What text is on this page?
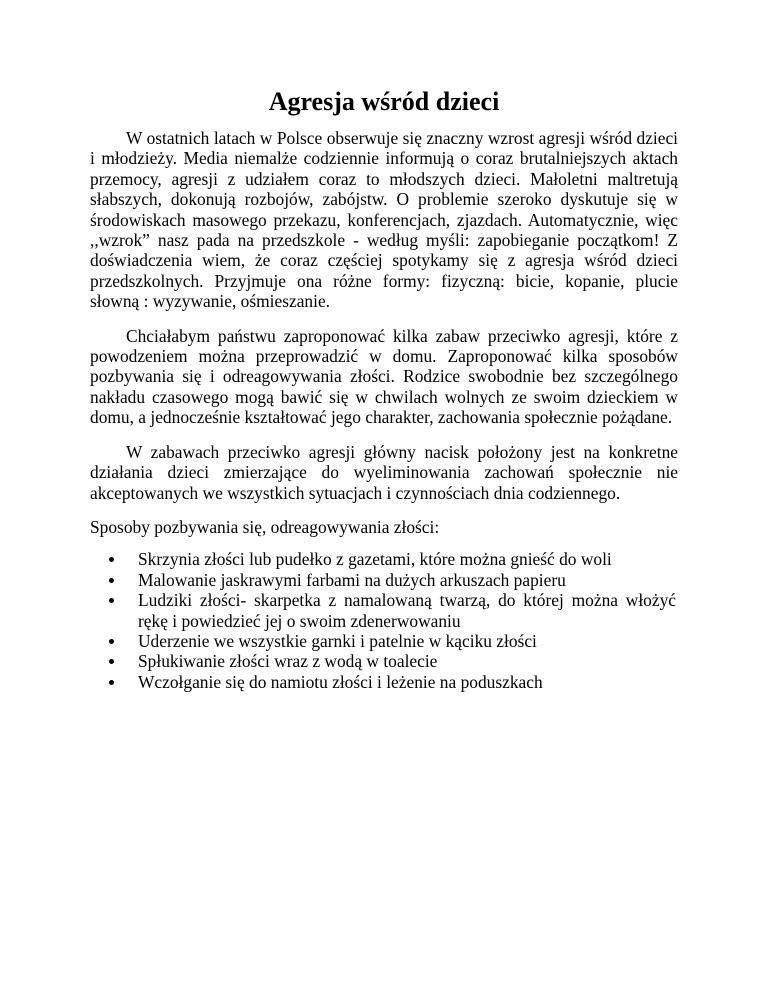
Agresja wśród dzieci

W ostatnich latach w Polsce obserwuje się znaczny wzrost agresji wśród dzieci i młodzieży. Media niemalże codziennie informują o coraz brutalniejszych aktach przemocy, agresji z udziałem coraz to młodszych dzieci. Małoletni maltretują słabszych, dokonują rozbojów, zabójstw. O problemie szeroko dyskutuje się w środowiskach masowego przekazu, konferencjach, zjazdach. Automatycznie, więc ,,wzrok” nasz pada na przedszkole - według myśli: zapobieganie początkom! Z doświadczenia wiem, że coraz częściej spotykamy się z agresja wśród dzieci przedszkolnych. Przyjmuje ona różne formy: fizyczną: bicie, kopanie, plucie słowną : wyzywanie, ośmieszanie.

Chciałabym państwu zaproponować kilka zabaw przeciwko agresji, które z powodzeniem można przeprowadzić w domu. Zaproponować kilka sposobów pozbywania się i odreagowywania złości. Rodzice swobodnie bez szczególnego nakładu czasowego mogą bawić się w chwilach wolnych ze swoim dzieckiem w domu, a jednocześnie kształtować jego charakter, zachowania społecznie pożądane.

W zabawach przeciwko agresji główny nacisk położony jest na konkretne działania dzieci zmierzające do wyeliminowania zachowań społecznie nie akceptowanych we wszystkich sytuacjach i czynnościach dnia codziennego.

Sposoby pozbywania się, odreagowywania złości:

Skrzynia złości lub pudełko z gazetami, które można gnieść do woli
Malowanie jaskrawymi farbami na dużych arkuszach papieru
Ludziki złości- skarpetka z namalowaną twarzą, do której można włożyć rękę i powiedzieć jej o swoim zdenerwowaniu
Uderzenie we wszystkie garnki i patelnie w kąciku złości
Spłukiwanie złości wraz z wodą w toalecie
Wczołganie się do namiotu złości i leżenie na poduszkach
